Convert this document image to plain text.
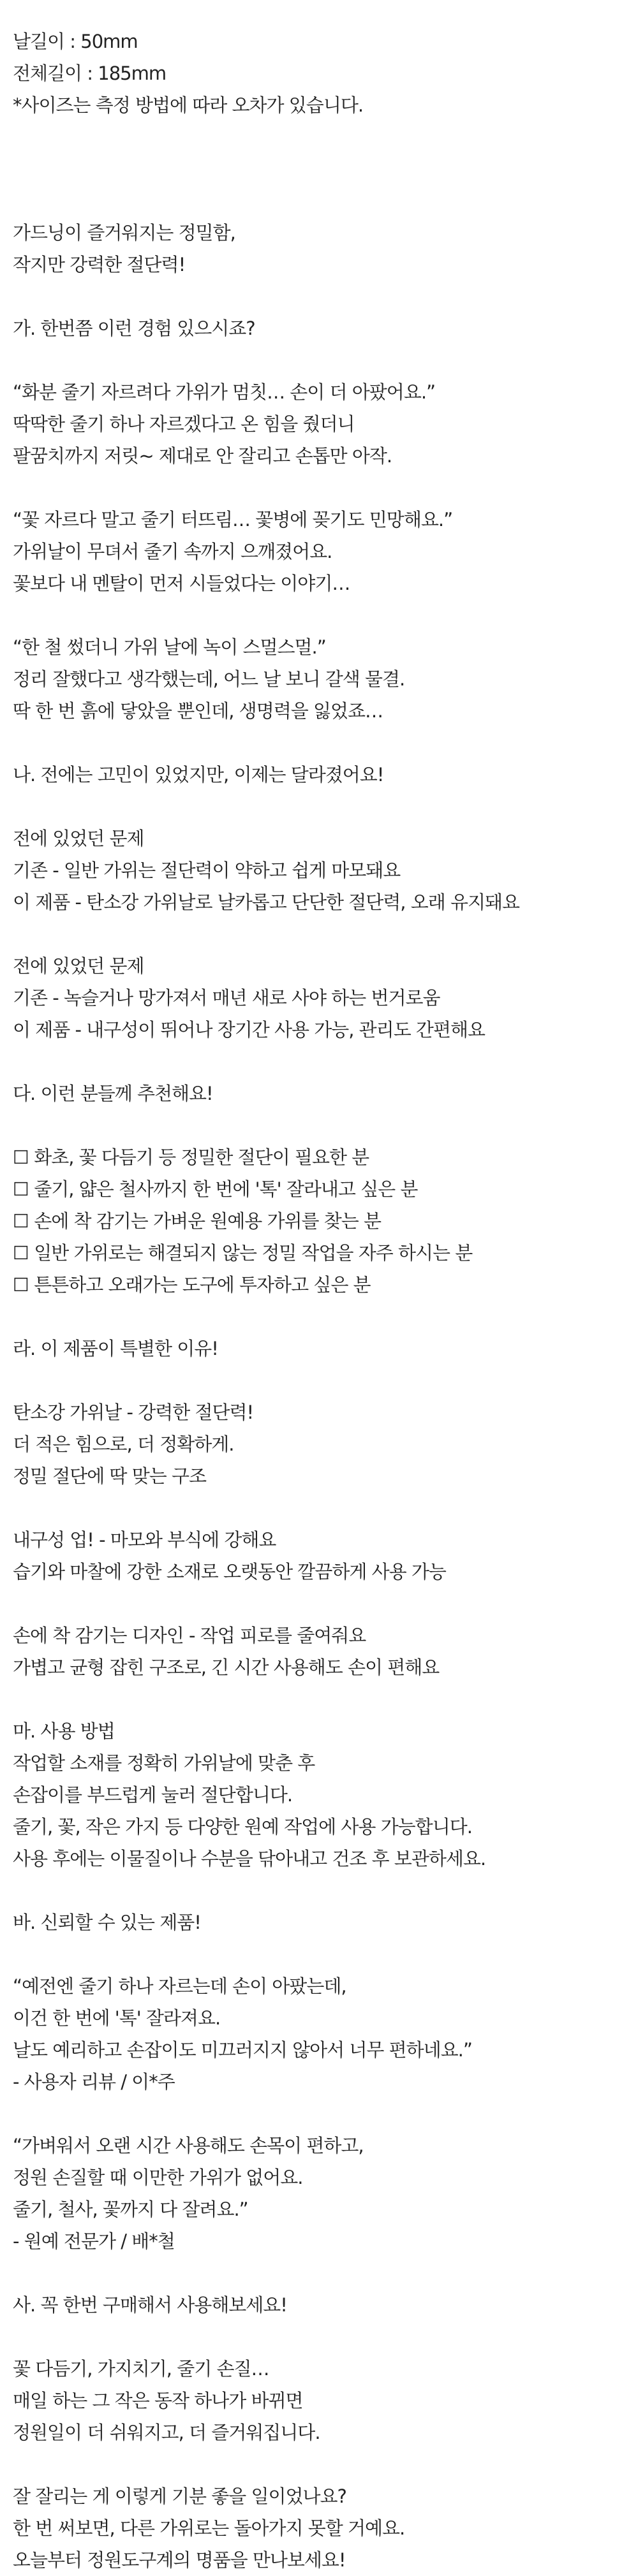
날길이 : 50mm
전체길이 : 185mm
*사이즈는 측정 방법에 따라 오차가 있습니다.
가드닝이 즐거워지는 정밀함,
작지만 강력한 절단력!
가. 한번쯤 이런 경험 있으시죠?
“화분 줄기 자르려다 가위가 멈칫… 손이 더 아팠어요.”
딱딱한 줄기 하나 자르겠다고 온 힘을 줬더니
팔꿈치까지 저릿~ 제대로 안 잘리고 손톱만 아작.
“꽃 자르다 말고 줄기 터뜨림… 꽃병에 꽂기도 민망해요.”
가위날이 무뎌서 줄기 속까지 으깨졌어요.
꽃보다 내 멘탈이 먼저 시들었다는 이야기…
“한 철 썼더니 가위 날에 녹이 스멀스멀.”
정리 잘했다고 생각했는데, 어느 날 보니 갈색 물결.
딱 한 번 흙에 닿았을 뿐인데, 생명력을 잃었죠…
나. 전에는 고민이 있었지만, 이제는 달라졌어요!
전에 있었던 문제
기존 - 일반 가위는 절단력이 약하고 쉽게 마모돼요
이 제품 - 탄소강 가위날로 날카롭고 단단한 절단력, 오래 유지돼요
전에 있었던 문제
기존 - 녹슬거나 망가져서 매년 새로 사야 하는 번거로움
이 제품 - 내구성이 뛰어나 장기간 사용 가능, 관리도 간편해요
다. 이런 분들께 추천해요!
☐ 화초, 꽃 다듬기 등 정밀한 절단이 필요한 분
☐ 줄기, 얇은 철사까지 한 번에 '톡' 잘라내고 싶은 분
☐ 손에 착 감기는 가벼운 원예용 가위를 찾는 분
☐ 일반 가위로는 해결되지 않는 정밀 작업을 자주 하시는 분
☐ 튼튼하고 오래가는 도구에 투자하고 싶은 분
라. 이 제품이 특별한 이유!
탄소강 가위날 - 강력한 절단력!
더 적은 힘으로, 더 정확하게.
정밀 절단에 딱 맞는 구조
내구성 업! - 마모와 부식에 강해요
습기와 마찰에 강한 소재로 오랫동안 깔끔하게 사용 가능
손에 착 감기는 디자인 - 작업 피로를 줄여줘요
가볍고 균형 잡힌 구조로, 긴 시간 사용해도 손이 편해요
마. 사용 방법
작업할 소재를 정확히 가위날에 맞춘 후
손잡이를 부드럽게 눌러 절단합니다.
줄기, 꽃, 작은 가지 등 다양한 원예 작업에 사용 가능합니다.
사용 후에는 이물질이나 수분을 닦아내고 건조 후 보관하세요.
바. 신뢰할 수 있는 제품!
“예전엔 줄기 하나 자르는데 손이 아팠는데,
이건 한 번에 '톡' 잘라져요.
날도 예리하고 손잡이도 미끄러지지 않아서 너무 편하네요.”
- 사용자 리뷰 / 이*주
“가벼워서 오랜 시간 사용해도 손목이 편하고,
정원 손질할 때 이만한 가위가 없어요.
줄기, 철사, 꽃까지 다 잘려요.”
- 원예 전문가 / 배*철
사. 꼭 한번 구매해서 사용해보세요!
꽃 다듬기, 가지치기, 줄기 손질…
매일 하는 그 작은 동작 하나가 바뀌면
정원일이 더 쉬워지고, 더 즐거워집니다.
잘 잘리는 게 이렇게 기분 좋을 일이었나요?
한 번 써보면, 다른 가위로는 돌아가지 못할 거예요.
오늘부터 정원도구계의 명품을 만나보세요!
